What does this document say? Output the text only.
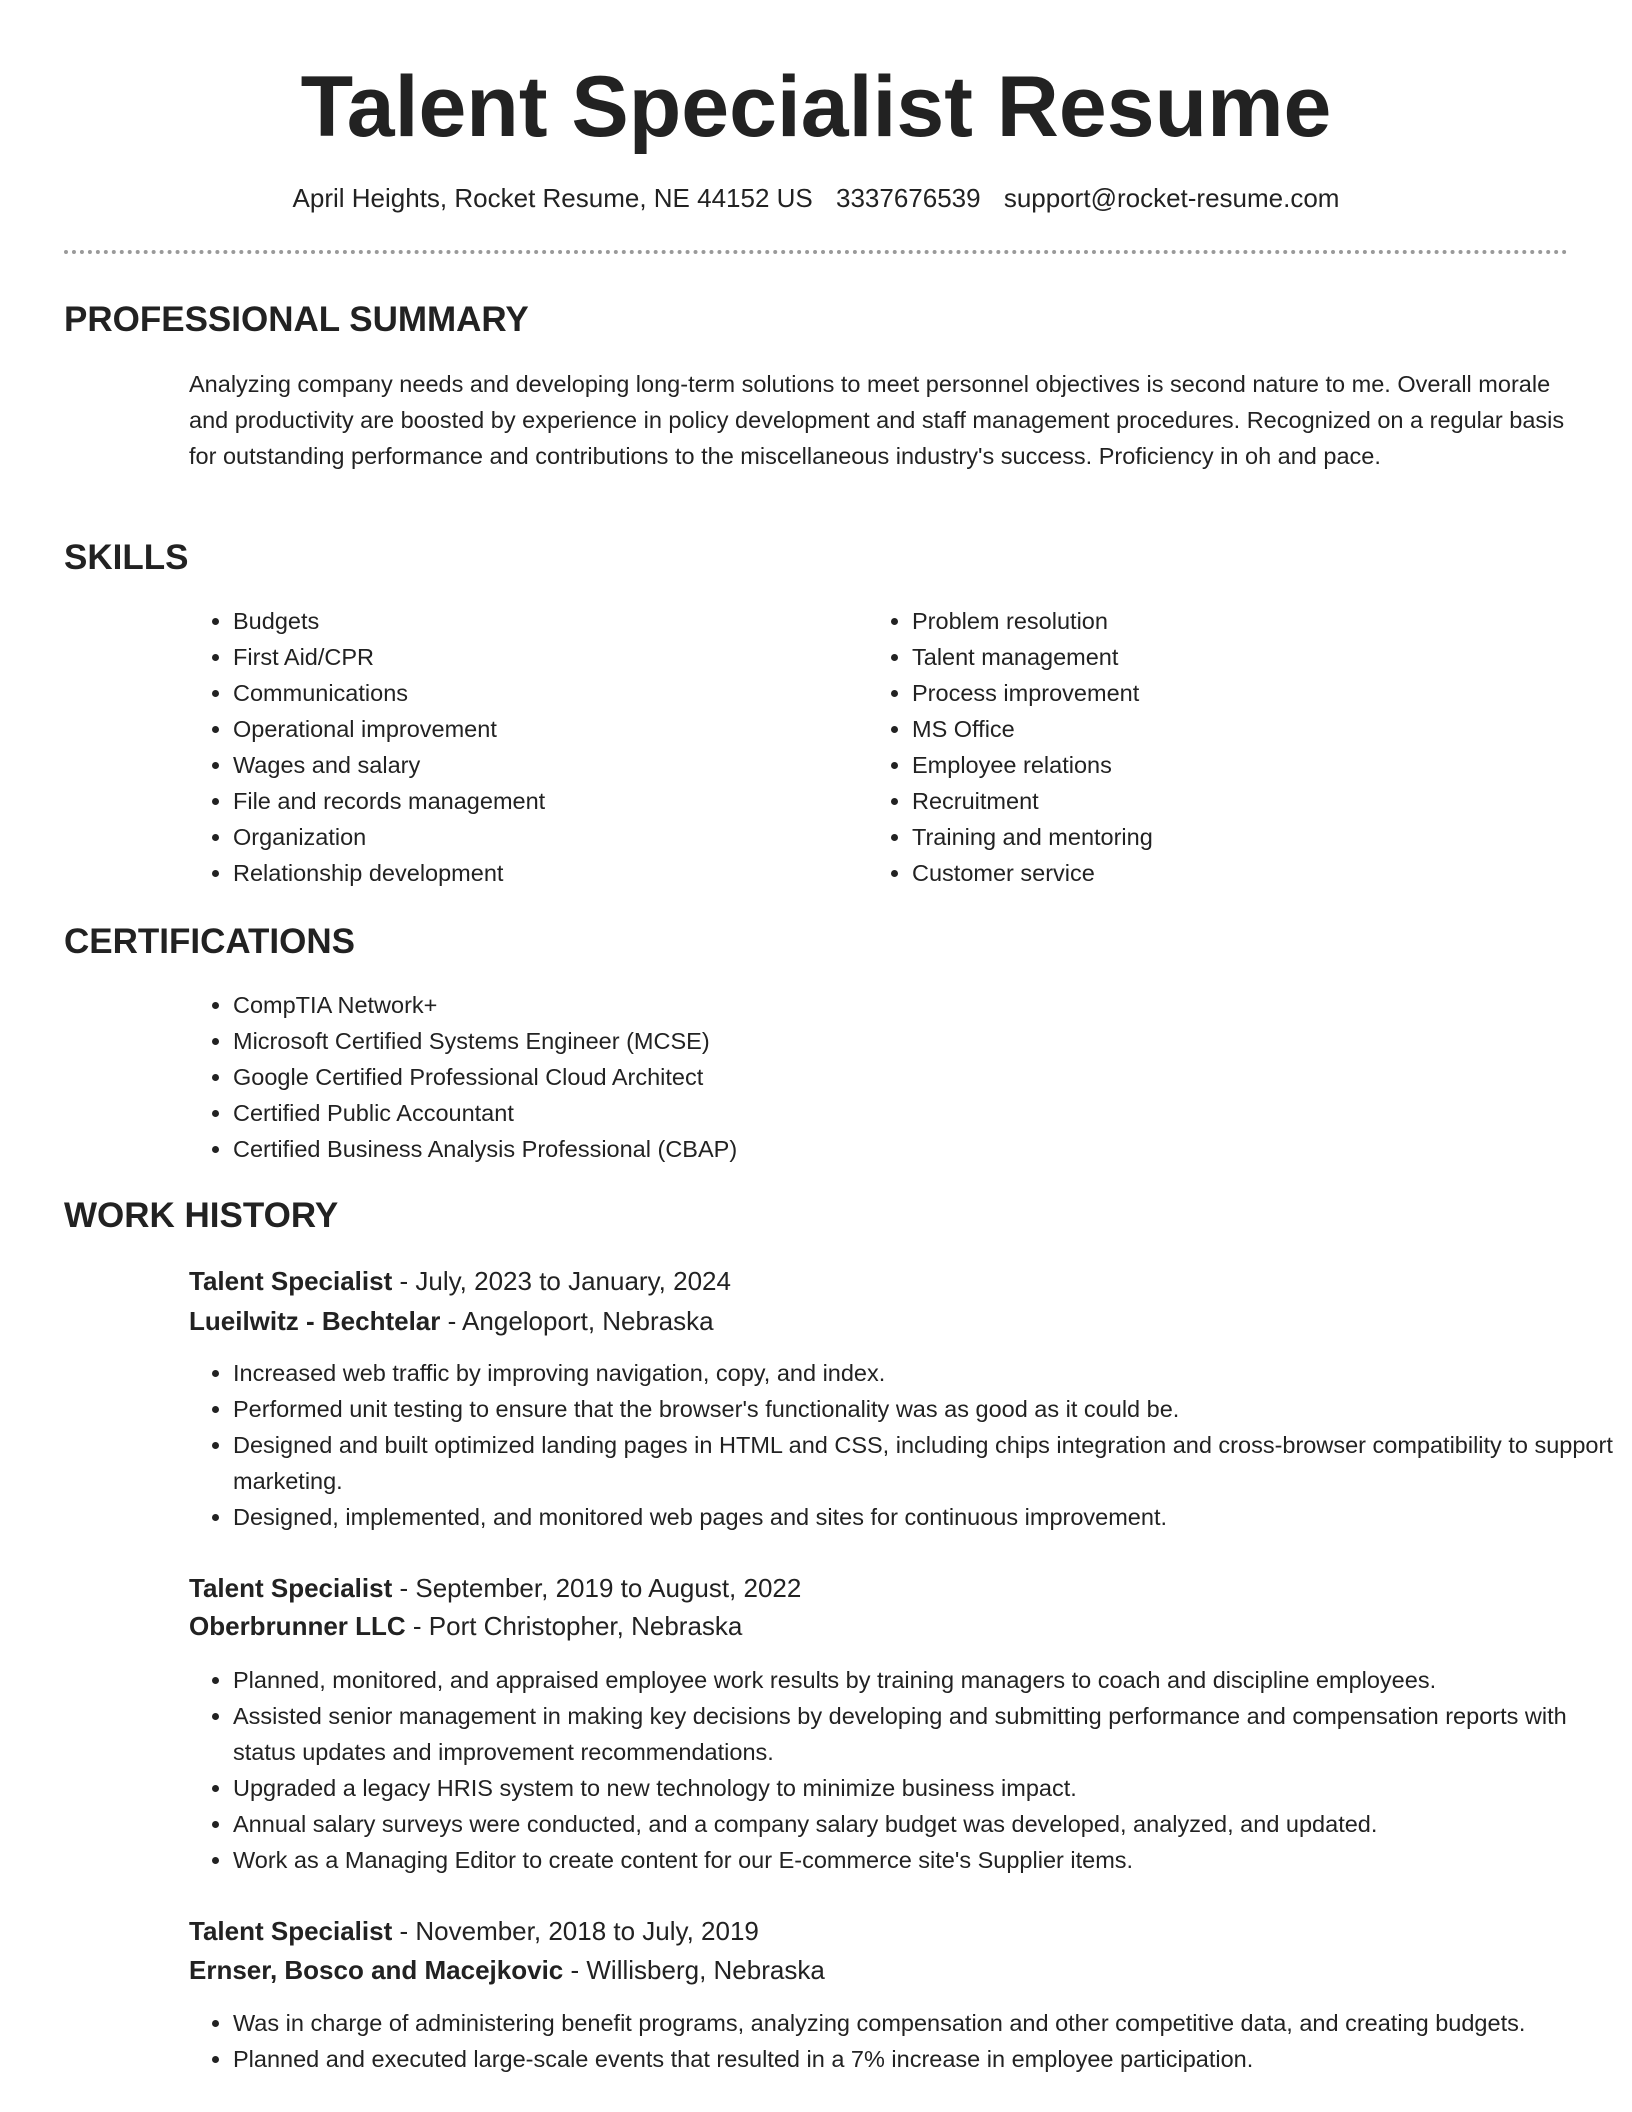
Talent Specialist Resume
April Heights, Rocket Resume, NE 44152 US 3337676539 support@rocket-resume.com
PROFESSIONAL SUMMARY

Analyzing company needs and developing long-term solutions to meet personnel objectives is second nature to me. Overall morale and productivity are boosted by experience in policy development and staff management procedures. Recognized on a regular basis for outstanding performance and contributions to the miscellaneous industry's success. Proficiency in oh and pace.

SKILLS
• Budgets
• First Aid/CPR
• Communications
• Operational improvement
• Wages and salary
• File and records management
• Organization
• Relationship development
• Problem resolution
• Talent management
• Process improvement
• MS Office
• Employee relations
• Recruitment
• Training and mentoring
• Customer service
CERTIFICATIONS
• CompTIA Network+
• Microsoft Certified Systems Engineer (MCSE)
• Google Certified Professional Cloud Architect
• Certified Public Accountant
• Certified Business Analysis Professional (CBAP)
WORK HISTORY
Talent Specialist - July, 2023 to January, 2024
Lueilwitz - Bechtelar - Angeloport, Nebraska
• Increased web traffic by improving navigation, copy, and index.
• Performed unit testing to ensure that the browser's functionality was as good as it could be.
• Designed and built optimized landing pages in HTML and CSS, including chips integration and cross-browser compatibility to support marketing.
• Designed, implemented, and monitored web pages and sites for continuous improvement.
Talent Specialist - September, 2019 to August, 2022
Oberbrunner LLC - Port Christopher, Nebraska
• Planned, monitored, and appraised employee work results by training managers to coach and discipline employees.
• Assisted senior management in making key decisions by developing and submitting performance and compensation reports with status updates and improvement recommendations.
• Upgraded a legacy HRIS system to new technology to minimize business impact.
• Annual salary surveys were conducted, and a company salary budget was developed, analyzed, and updated.
• Work as a Managing Editor to create content for our E-commerce site's Supplier items.
Talent Specialist - November, 2018 to July, 2019
Ernser, Bosco and Macejkovic - Willisberg, Nebraska
• Was in charge of administering benefit programs, analyzing compensation and other competitive data, and creating budgets.
• Planned and executed large-scale events that resulted in a 7% increase in employee participation.
